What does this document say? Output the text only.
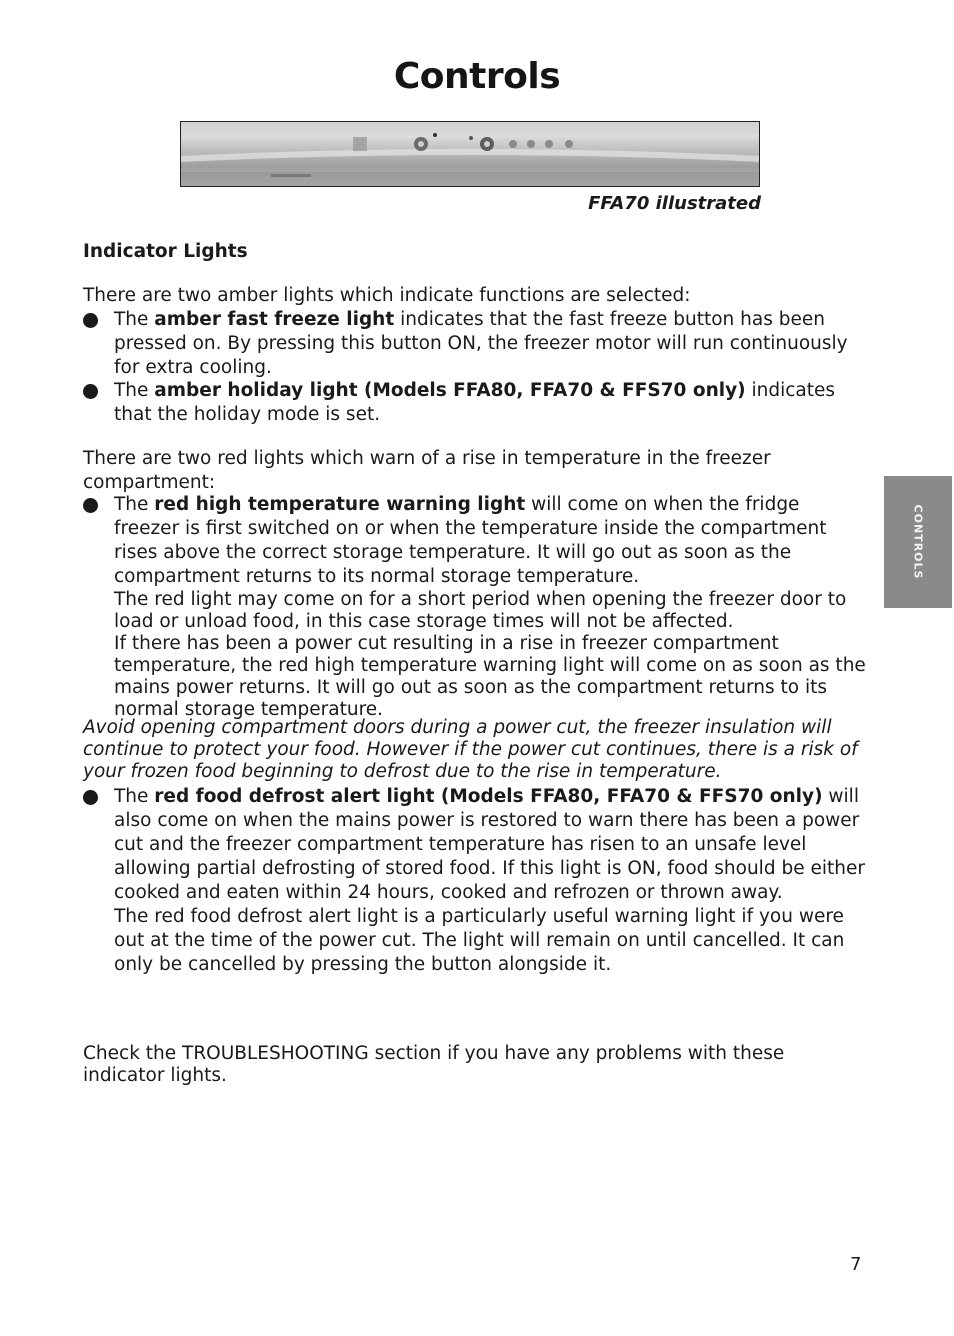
Controls
FFA70 illustrated
Indicator Lights
There are two amber lights which indicate functions are selected:
The amber fast freeze light indicates that the fast freeze button has been pressed on. By pressing this button ON, the freezer motor will run continuously for extra cooling.
The amber holiday light (Models FFA80, FFA70 & FFS70 only) indicates that the holiday mode is set.
There are two red lights which warn of a rise in temperature in the freezer compartment:
The red high temperature warning light will come on when the fridge freezer is first switched on or when the temperature inside the compartment rises above the correct storage temperature. It will go out as soon as the compartment returns to its normal storage temperature.
The red light may come on for a short period when opening the freezer door to load or unload food, in this case storage times will not be affected.
If there has been a power cut resulting in a rise in freezer compartment temperature, the red high temperature warning light will come on as soon as the mains power returns. It will go out as soon as the compartment returns to its normal storage temperature.
Avoid opening compartment doors during a power cut, the freezer insulation will continue to protect your food. However if the power cut continues, there is a risk of your frozen food beginning to defrost due to the rise in temperature.
The red food defrost alert light (Models FFA80, FFA70 & FFS70 only) will also come on when the mains power is restored to warn there has been a power cut and the freezer compartment temperature has risen to an unsafe level allowing partial defrosting of stored food. If this light is ON, food should be either cooked and eaten within 24 hours, cooked and refrozen or thrown away.
The red food defrost alert light is a particularly useful warning light if you were out at the time of the power cut. The light will remain on until cancelled. It can only be cancelled by pressing the button alongside it.
Check the TROUBLESHOOTING section if you have any problems with these indicator lights.
CONTROLS
7
